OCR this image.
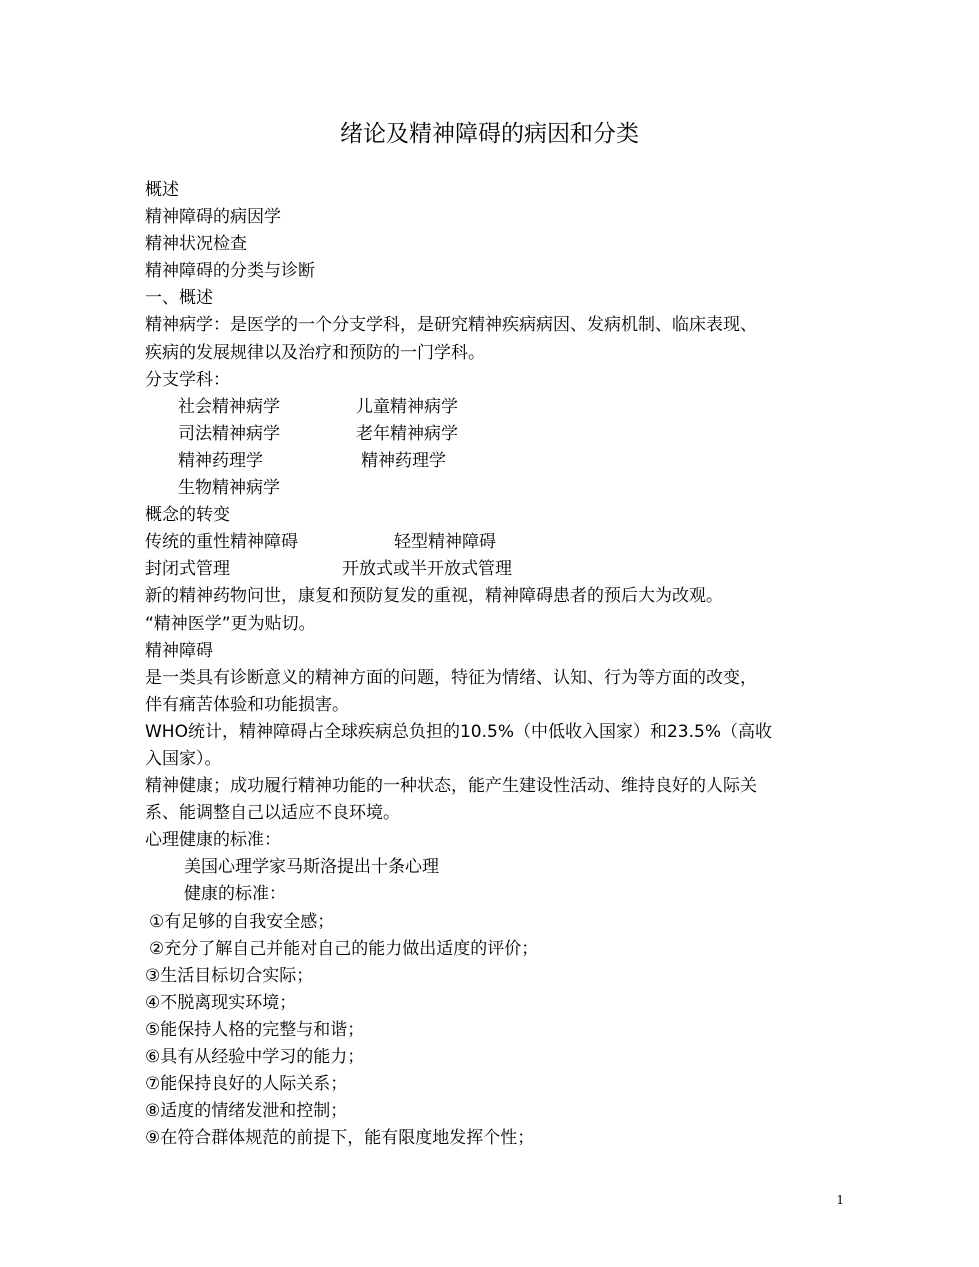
绪论及精神障碍的病因和分类
概述
精神障碍的病因学
精神状况检查
精神障碍的分类与诊断
一、概述
精神病学：是医学的一个分支学科，是研究精神疾病病因、发病机制、临床表现、
疾病的发展规律以及治疗和预防的一门学科。
分支学科：
社会精神病学	儿童精神病学
司法精神病学	老年精神病学
精神药理学	精神药理学
生物精神病学
概念的转变
传统的重性精神障碍	轻型精神障碍
封闭式管理	开放式或半开放式管理
新的精神药物问世，康复和预防复发的重视，精神障碍患者的预后大为改观。
“精神医学”更为贴切。
精神障碍
是一类具有诊断意义的精神方面的问题，特征为情绪、认知、行为等方面的改变，
伴有痛苦体验和功能损害。
WHO统计，精神障碍占全球疾病总负担的10.5%（中低收入国家）和23.5%（高收
入国家）。
精神健康；成功履行精神功能的一种状态，能产生建设性活动、维持良好的人际关
系、能调整自己以适应不良环境。
心理健康的标准：
美国心理学家马斯洛提出十条心理
健康的标准：
①有足够的自我安全感；
②充分了解自己并能对自己的能力做出适度的评价；
③生活目标切合实际；
④不脱离现实环境；
⑤能保持人格的完整与和谐；
⑥具有从经验中学习的能力；
⑦能保持良好的人际关系；
⑧适度的情绪发泄和控制；
⑨在符合群体规范的前提下，能有限度地发挥个性；
1
